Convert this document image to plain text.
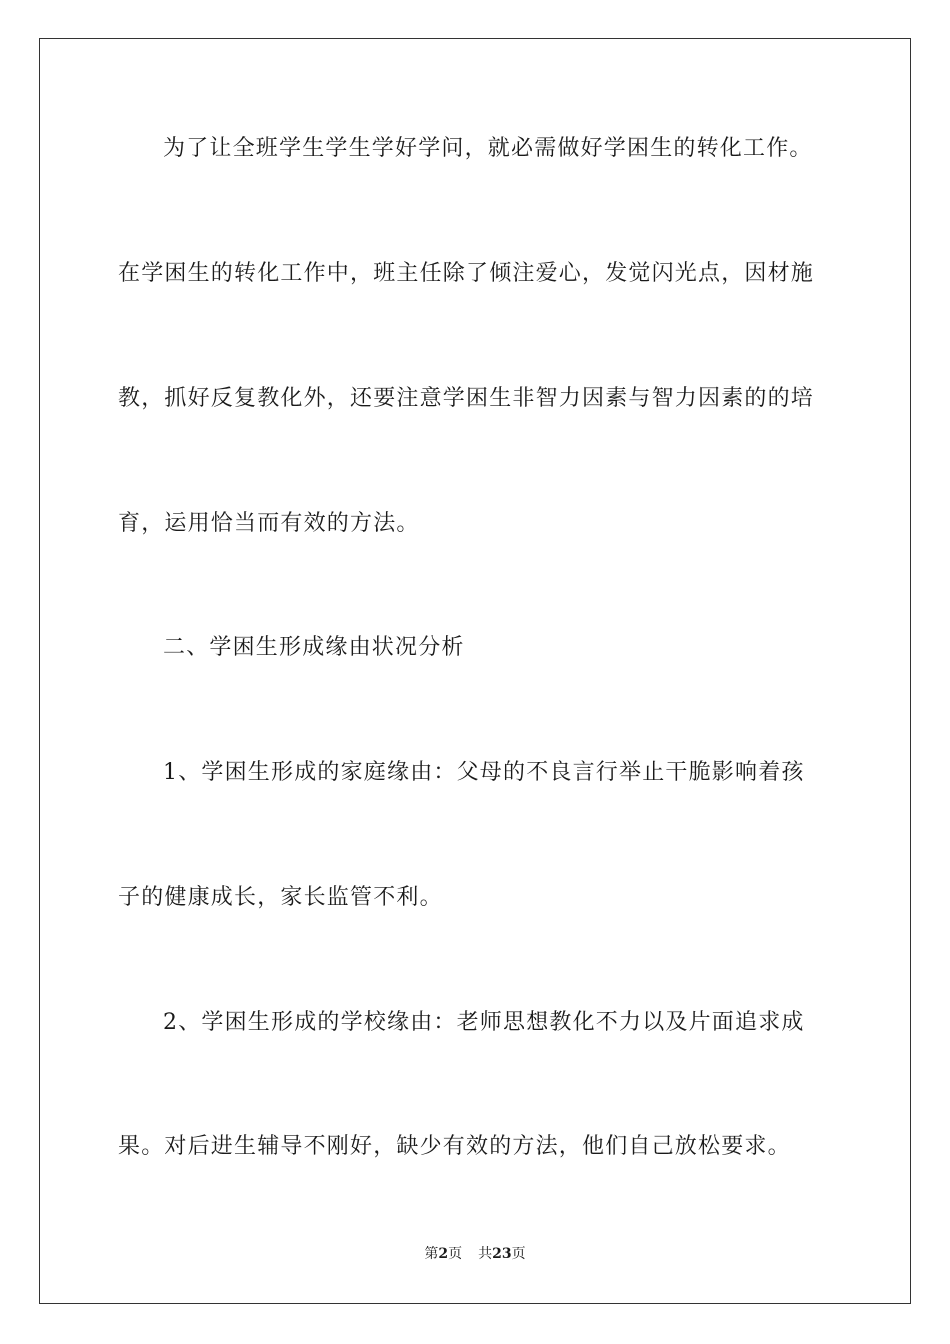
为了让全班学生学生学好学问，就必需做好学困生的转化工作。
在学困生的转化工作中，班主任除了倾注爱心，发觉闪光点，因材施
教，抓好反复教化外，还要注意学困生非智力因素与智力因素的的培
育，运用恰当而有效的方法。
二、学困生形成缘由状况分析
1、学困生形成的家庭缘由：父母的不良言行举止干脆影响着孩
子的健康成长，家长监管不利。
2、学困生形成的学校缘由：老师思想教化不力以及片面追求成
果。对后进生辅导不刚好，缺少有效的方法，他们自己放松要求。
第2页 共23页
